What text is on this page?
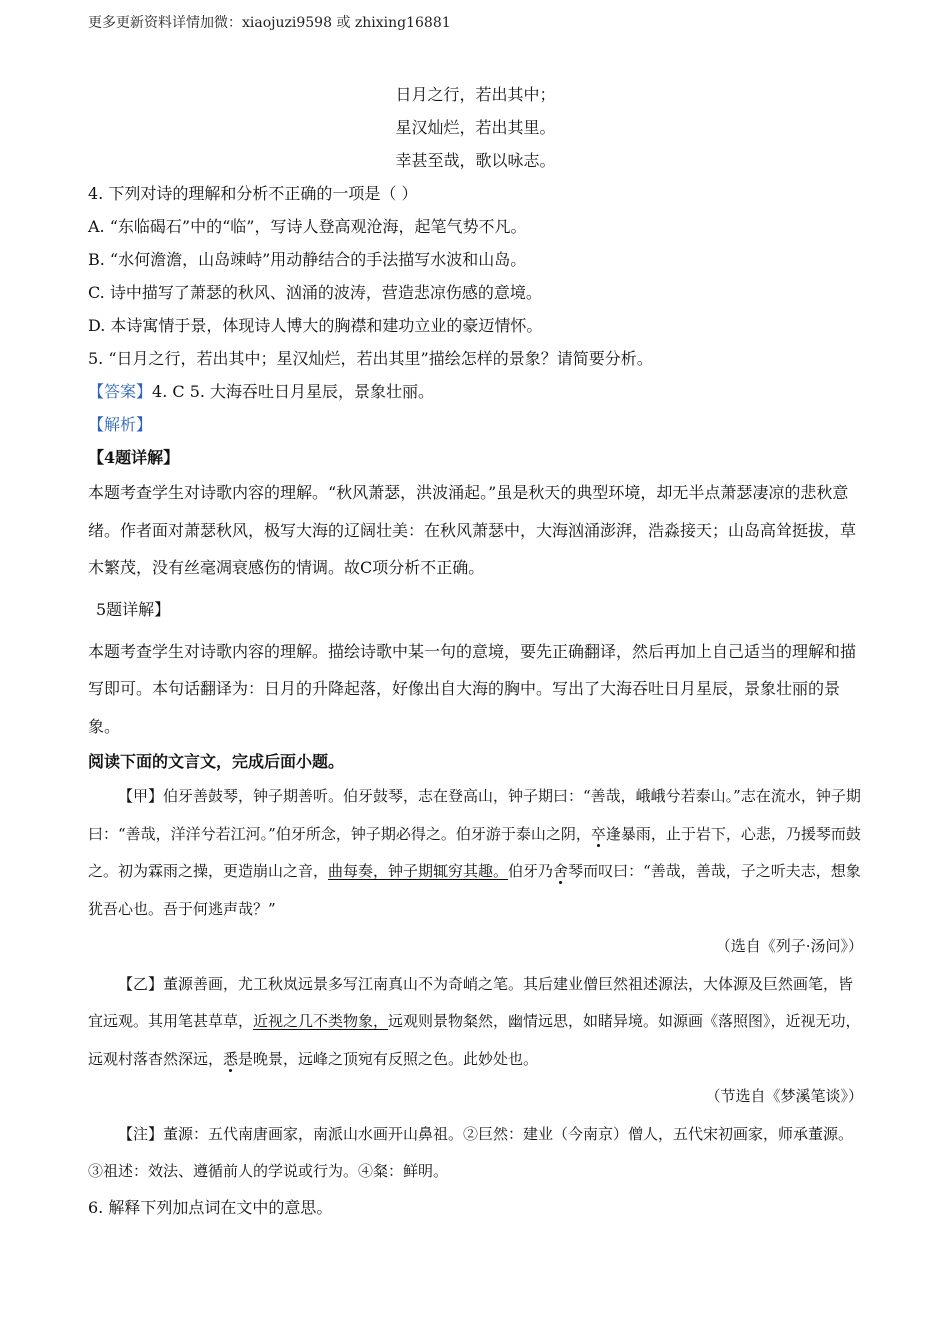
更多更新资料详情加微：xiaojuzi9598 或 zhixing16881
日月之行，若出其中；
星汉灿烂，若出其里。
幸甚至哉，歌以咏志。
4. 下列对诗的理解和分析不正确的一项是（ ）
A. “东临碣石”中的“临”，写诗人登高观沧海，起笔气势不凡。
B. “水何澹澹，山岛竦峙”用动静结合的手法描写水波和山岛。
C. 诗中描写了萧瑟的秋风、汹涌的波涛，营造悲凉伤感的意境。
D. 本诗寓情于景，体现诗人博大的胸襟和建功立业的豪迈情怀。
5. “日月之行，若出其中；星汉灿烂，若出其里”描绘怎样的景象？请简要分析。
【答案】4. C 5. 大海吞吐日月星辰，景象壮丽。
【解析】
【4题详解】
本题考查学生对诗歌内容的理解。“秋风萧瑟，洪波涌起。”虽是秋天的典型环境，却无半点萧瑟凄凉的悲秋意绪。作者面对萧瑟秋风，极写大海的辽阔壮美：在秋风萧瑟中，大海汹涌澎湃，浩淼接天；山岛高耸挺拔，草木繁茂，没有丝毫凋衰感伤的情调。故C项分析不正确。
5题详解】
本题考查学生对诗歌内容的理解。描绘诗歌中某一句的意境，要先正确翻译，然后再加上自己适当的理解和描写即可。本句话翻译为：日月的升降起落，好像出自大海的胸中。写出了大海吞吐日月星辰，景象壮丽的景象。
阅读下面的文言文，完成后面小题。
【甲】伯牙善鼓琴，钟子期善听。伯牙鼓琴，志在登高山，钟子期曰：“善哉，峨峨兮若泰山。”志在流水，钟子期曰：“善哉，洋洋兮若江河。”伯牙所念，钟子期必得之。伯牙游于泰山之阴，卒逢暴雨，止于岩下，心悲，乃援琴而鼓之。初为霖雨之操，更造崩山之音，曲每奏，钟子期辄穷其趣。伯牙乃舍琴而叹曰：“善哉，善哉，子之听夫志，想象犹吾心也。吾于何逃声哉？”
（选自《列子·汤问》）
【乙】董源善画，尤工秋岚远景多写江南真山不为奇峭之笔。其后建业僧巨然祖述源法，大体源及巨然画笔，皆宜远观。其用笔甚草草，近视之几不类物象，远观则景物粲然，幽情远思，如睹异境。如源画《落照图》，近视无功，远观村落杳然深远，悉是晚景，远峰之顶宛有反照之色。此妙处也。
（节选自《梦溪笔谈》）
【注】董源：五代南唐画家，南派山水画开山鼻祖。②巨然：建业（今南京）僧人，五代宋初画家，师承董源。③祖述：效法、遵循前人的学说或行为。④粲：鲜明。
6. 解释下列加点词在文中的意思。
